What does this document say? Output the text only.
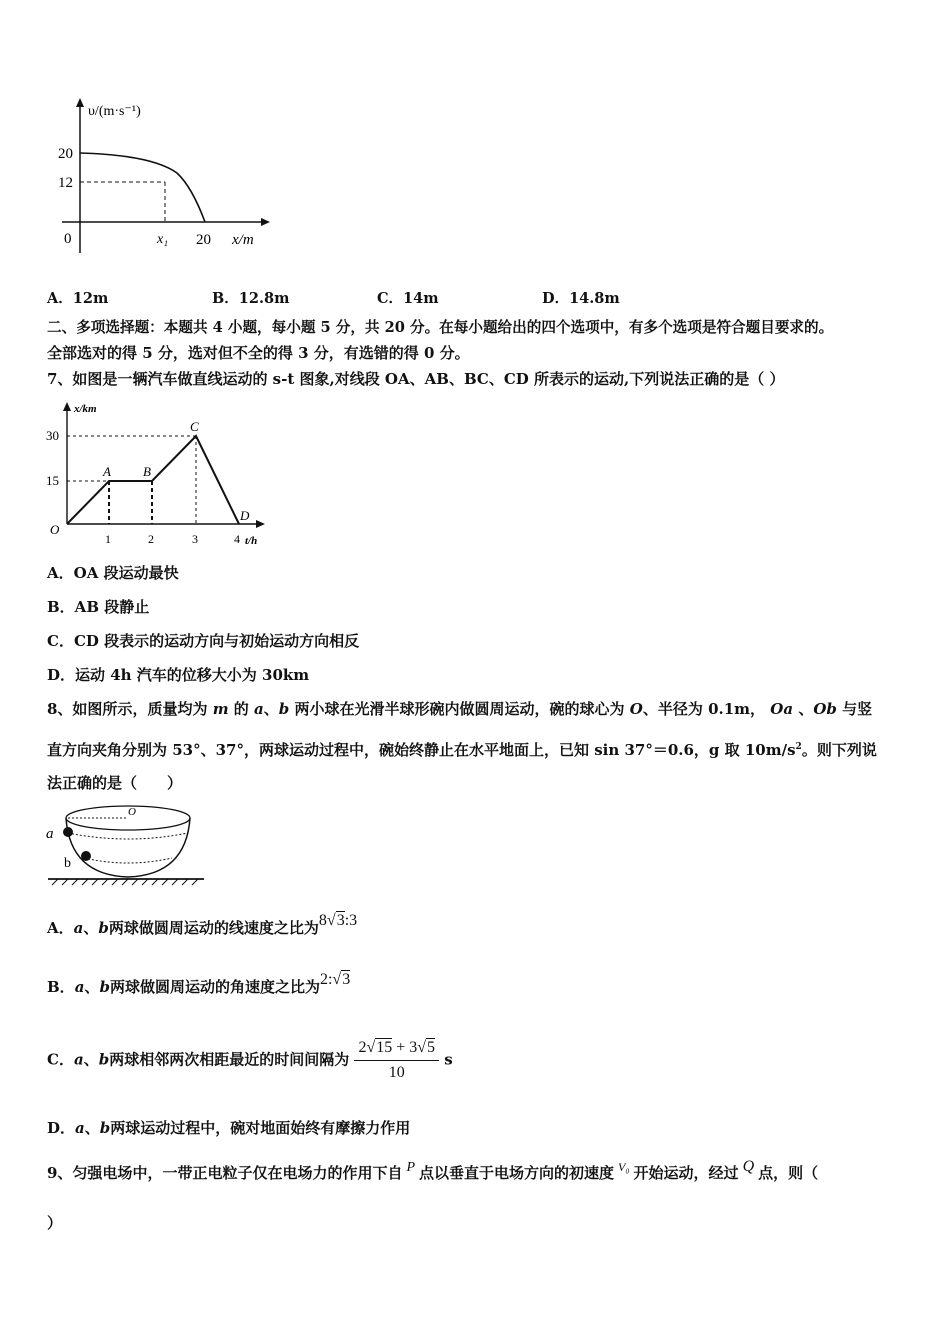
υ/(m·s⁻¹)
20
12
0	x₁ 20 x/m
A．12m	B．12.8m	C．14m	D．14.8m
二、多项选择题：本题共 4 小题，每小题 5 分，共 20 分。在每小题给出的四个选项中，有多个选项是符合题目要求的。
全部选对的得 5 分，选对但不全的得 3 分，有选错的得 0 分。
7、如图是一辆汽车做直线运动的 s-t 图象,对线段 OA、AB、BC、CD 所表示的运动,下列说法正确的是（ ）
x/km
30
15
O
1	2	3	4 t/h
A B
C
D
A．OA 段运动最快
B．AB 段静止
C．CD 段表示的运动方向与初始运动方向相反
D．运动 4h 汽车的位移大小为 30km
8、如图所示，质量均为 m 的 a、b 两小球在光滑半球形碗内做圆周运动，碗的球心为 O、半径为 0.1m， Oa 、Ob 与竖
直方向夹角分别为 53°、37°，两球运动过程中，碗始终静止在水平地面上，已知 sin 37°＝0.6，g 取 $10m/s^2$。则下列说
法正确的是（　　）
O
a
b
A．a、b两球做圆周运动的线速度之比为8√3:3
B．a、b两球做圆周运动的角速度之比为2:√3
C．a、b两球相邻两次相距最近的时间间隔为 $\frac{2√15 + 3√5}{10}$ s
D．a、b两球运动过程中，碗对地面始终有摩擦力作用
9、匀强电场中，一带正电粒子仅在电场力的作用下自 P 点以垂直于电场方向的初速度 $^{V_0}$ 开始运动，经过 Q 点，则（
）
